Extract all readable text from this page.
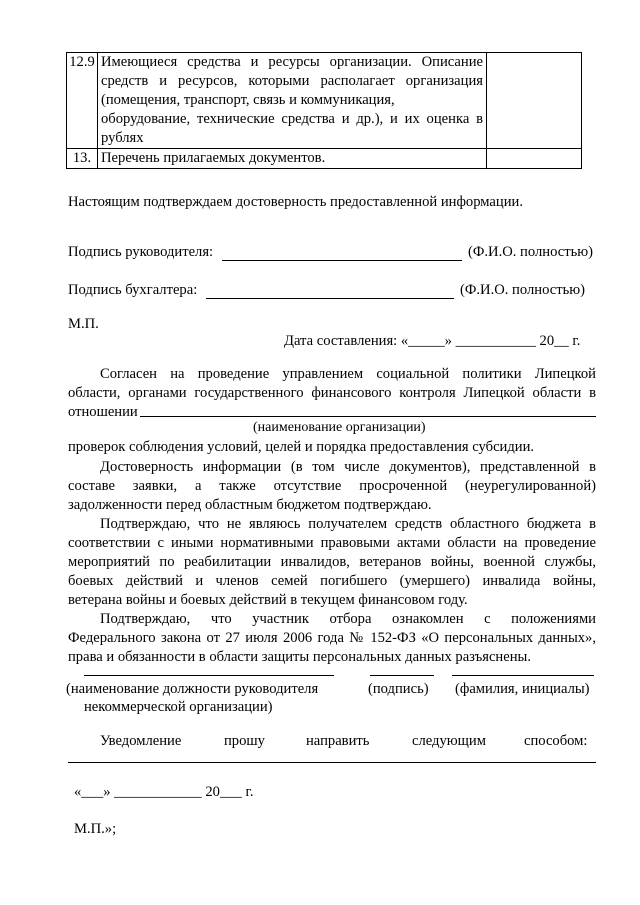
12.9	Имеющиеся средства и ресурсы организации. Описание
средств и ресурсов, которыми располагает организация
(помещения, транспорт, связь и коммуникация,
оборудование, технические средства и др.), и их оценка в
рублях	

13.	Перечень прилагаемых документов.	
Настоящим подтверждаем достоверность предоставленной информации.
Подпись руководителя:	(Ф.И.О. полностью)
Подпись бухгалтера:	(Ф.И.О. полностью)
М.П.
Дата составления: «_____» ___________ 20__ г.
Согласен на проведение управлением социальной политики Липецкой
области, органами государственного финансового контроля Липецкой области в
отношении
(наименование организации)
проверок соблюдения условий, целей и порядка предоставления субсидии.
Достоверность информации (в том числе документов), представленной в
составе заявки, а также отсутствие просроченной (неурегулированной)
задолженности перед областным бюджетом подтверждаю.
Подтверждаю, что не являюсь получателем средств областного бюджета в
соответствии с иными нормативными правовыми актами области на проведение
мероприятий по реабилитации инвалидов, ветеранов войны, военной службы,
боевых действий и членов семей погибшего (умершего) инвалида войны,
ветерана войны и боевых действий в текущем финансовом году.
Подтверждаю, что участник отбора ознакомлен с положениями
Федерального закона от 27 июля 2006 года № 152-ФЗ «О персональных данных»,
права и обязанности в области защиты персональных данных разъяснены.
(наименование должности руководителя
некоммерческой организации)
(подпись) (фамилия, инициалы)
Уведомление	прошу	направить	следующим	способом:
«___» ____________ 20___ г.
М.П.»;
